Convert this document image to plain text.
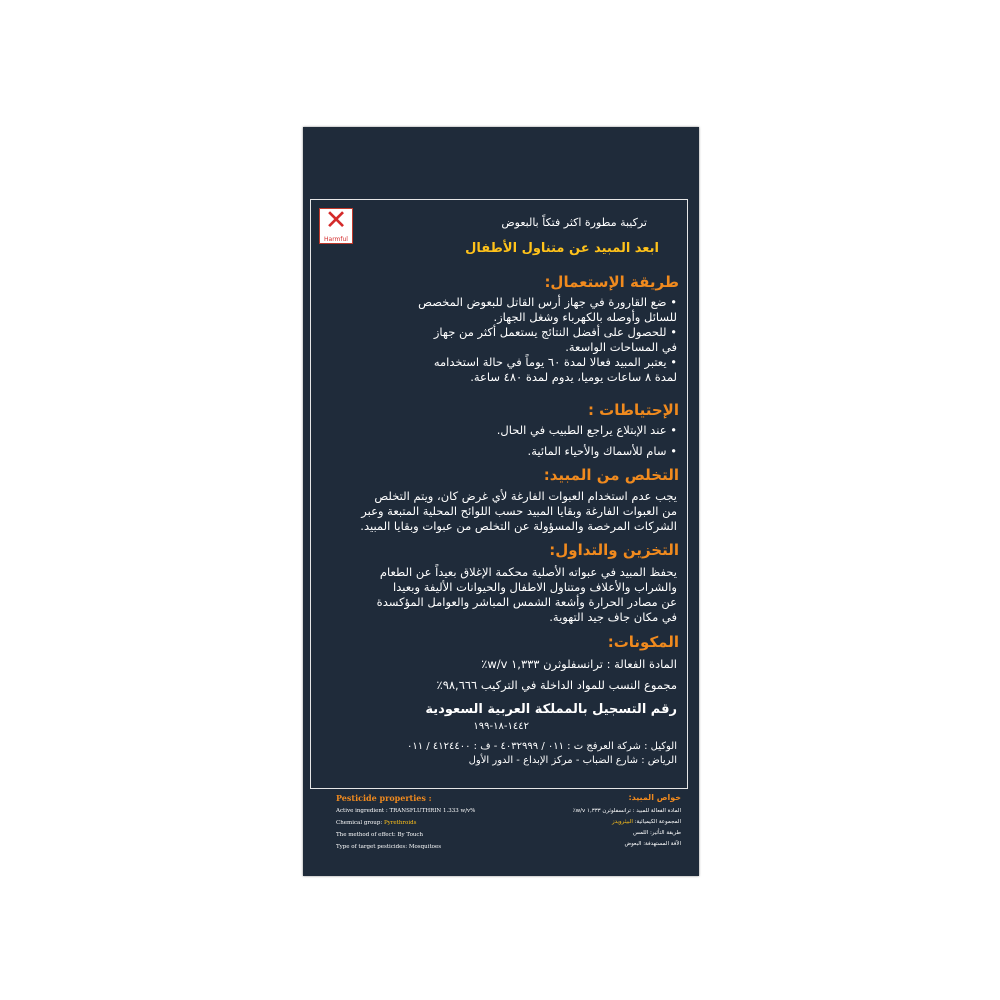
✕
Harmful
تركيبة مطورة اكثر فتكاً بالبعوض
ابعد المبيد عن متناول الأطفال
طريقة الإستعمال:
• ضع القارورة في جهاز أرس القاتل للبعوض المخصص
للسائل وأوصله بالكهرباء وشغل الجهاز.
• للحصول على أفضل النتائج يستعمل أكثر من جهاز
في المساحات الواسعة.
• يعتبر المبيد فعالا لمدة ٦٠ يوماً في حالة استخدامه
لمدة ٨ ساعات يوميا، يدوم لمدة ٤٨٠ ساعة.
الإحتياطات :
• عند الإبتلاع يراجع الطبيب في الحال.
• سام للأسماك والأحياء المائية.
التخلص من المبيد:
يجب عدم استخدام العبوات الفارغة لأي غرض كان، ويتم التخلص
من العبوات الفارغة وبقايا المبيد حسب اللوائح المحلية المتبعة وعبر
الشركات المرخصة والمسؤولة عن التخلص من عبوات وبقايا المبيد.
التخزين والتداول:
يحفظ المبيد في عبواته الأصلية محكمة الإغلاق بعيداً عن الطعام
والشراب والأعلاف ومتناول الاطفال والحيوانات الأليفة وبعيدا
عن مصادر الحرارة وأشعة الشمس المباشر والعوامل المؤكسدة
في مكان جاف جيد التهوية.
المكونات:
المادة الفعالة : ترانسفلوثرن ١,٣٣٣ w/v٪
مجموع النسب للمواد الداخلة في التركيب ٩٨,٦٦٦٪
رقم التسجيل بالمملكة العربية السعودية
١٤٤٢-١٨-١٩٩
الوكيل : شركة العرفج ت : ٠١١ / ٤٠٣٢٩٩٩ - ف : ٤١٢٤٤٠٠ / ٠١١
الرياض : شارع الضباب - مركز الإبداع - الدور الأول
Pesticide properties :
Active ingredient : TRANSFLUTHRIN 1.333 w/v%
Chemical group: Pyrethroids
The method of effect: By Touch
Type of target pesticides: Mosquitoes
خواص المبيد:
المادة الفعالة للمبيد : ترانسفلوثرن ١,٣٣٣ w/v٪
المجموعة الكيميائية: البيثرويدز
طريقة التأثير: اللمس
الآفة المستهدفة: البعوض
